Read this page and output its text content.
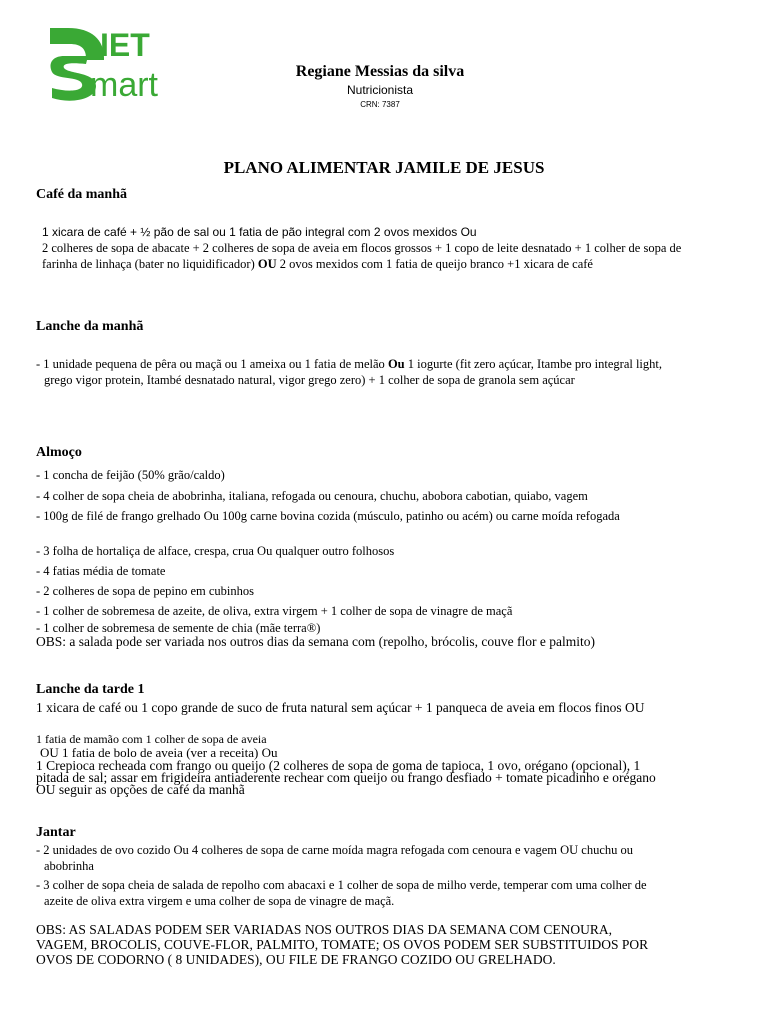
IET
mart	Regiane Messias da silva
Nutricionista
CRN: 7387
PLANO ALIMENTAR JAMILE DE JESUS
Café da manhã
1 xicara de café + ½ pão de sal ou 1 fatia de pão integral com 2 ovos mexidos Ou
2 colheres de sopa de abacate + 2 colheres de sopa de aveia em flocos grossos + 1 copo de leite desnatado + 1 colher de sopa de farinha de linhaça (bater no liquidificador) OU 2 ovos mexidos com 1 fatia de queijo branco +1 xicara de café
Lanche da manhã
- 1 unidade pequena de pêra ou maçã ou 1 ameixa ou 1 fatia de melão Ou 1 iogurte (fit zero açúcar, Itambe pro integral light, grego vigor protein, Itambé desnatado natural, vigor grego zero) + 1 colher de sopa de granola sem açúcar
Almoço
- 1 concha de feijão (50% grão/caldo)
- 4 colher de sopa cheia de abobrinha, italiana, refogada ou cenoura, chuchu, abobora cabotian, quiabo, vagem
- 100g de filé de frango grelhado Ou 100g carne bovina cozida (músculo, patinho ou acém) ou carne moída refogada
- 3 folha de hortaliça de alface, crespa, crua Ou qualquer outro folhosos
- 4 fatias média de tomate
- 2 colheres de sopa de pepino em cubinhos
- 1 colher de sobremesa de azeite, de oliva, extra virgem + 1 colher de sopa de vinagre de maçã
- 1 colher de sobremesa de semente de chia (mãe terra®)
OBS: a salada pode ser variada nos outros dias da semana com (repolho, brócolis, couve flor e palmito)
Lanche da tarde 1
1 xicara de café ou 1 copo grande de suco de fruta natural sem açúcar + 1 panqueca de aveia em flocos finos OU
1 fatia de mamão com 1 colher de sopa de aveia
OU 1 fatia de bolo de aveia (ver a receita) Ou
1 Crepioca recheada com frango ou queijo (2 colheres de sopa de goma de tapioca, 1 ovo, orégano (opcional), 1 pitada de sal; assar em frigideira antiaderente rechear com queijo ou frango desfiado + tomate picadinho e orégano OU seguir as opções de café da manhã
Jantar
- 2 unidades de ovo cozido Ou 4 colheres de sopa de carne moída magra refogada com cenoura e vagem OU chuchu ou abobrinha
- 3 colher de sopa cheia de salada de repolho com abacaxi e 1 colher de sopa de milho verde, temperar com uma colher de azeite de oliva extra virgem e uma colher de sopa de vinagre de maçã.
OBS: AS SALADAS PODEM SER VARIADAS NOS OUTROS DIAS DA SEMANA COM CENOURA, VAGEM, BROCOLIS, COUVE-FLOR, PALMITO, TOMATE; OS OVOS PODEM SER SUBSTITUIDOS POR OVOS DE CODORNO ( 8 UNIDADES), OU FILE DE FRANGO COZIDO OU GRELHADO.
